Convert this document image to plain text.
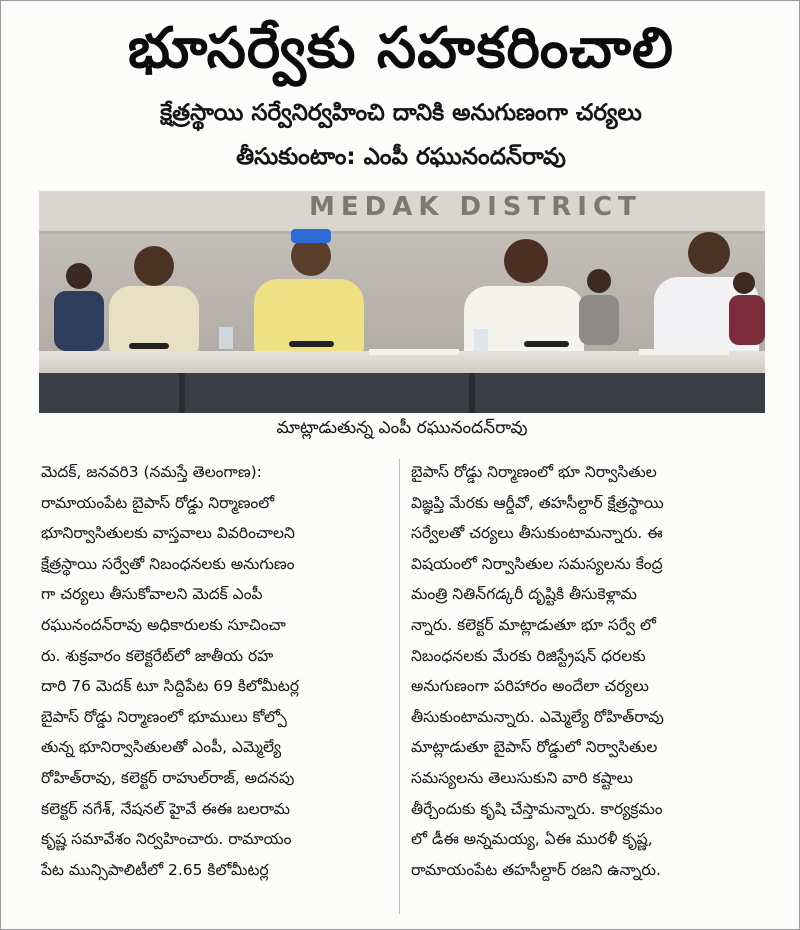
భూసర్వేకు సహకరించాలి
క్షేత్రస్థాయి సర్వేనిర్వహించి దానికి అనుగుణంగా చర్యలు
తీసుకుంటాం: ఎంపీ రఘునందన్‌రావు
MEDAK DISTRICT
మాట్లాడుతున్న ఎంపీ రఘునందన్‌రావు

మెదక్‌, జనవరి3 (నమస్తే తెలంగాణ):

రామాయంపేట బైపాస్‌ రోడ్డు నిర్మాణంలో

భూనిర్వాసితులకు వాస్తవాలు వివరించాలని

క్షేత్రస్థాయి సర్వేతో నిబంధనలకు అనుగుణం

గా చర్యలు తీసుకోవాలని మెదక్‌ ఎంపీ

రఘునందన్‌రావు అధికారులకు సూచించా

రు. శుక్రవారం కలెక్టరేట్‌లో జాతీయ రహ

దారి 76 మెదక్‌ టూ సిద్దిపేట 69 కిలోమీటర్ల

బైపాస్‌ రోడ్డు నిర్మాణంలో భూములు కోల్పో

తున్న భూనిర్వాసితులతో ఎంపీ, ఎమ్మెల్యే

రోహిత్‌రావు, కలెక్టర్‌ రాహుల్‌రాజ్‌, అదనపు

కలెక్టర్‌ నగేశ్‌, నేషనల్‌ హైవే ఈఈ బలరామ

కృష్ణ సమావేశం నిర్వహించారు. రామాయం

పేట మున్సిపాలిటీలో 2.65 కిలోమీటర్ల

బైపాస్‌ రోడ్డు నిర్మాణంలో భూ నిర్వాసితుల

విజ్ఞప్తి మేరకు ఆర్డీవో, తహసీల్దార్‌ క్షేత్రస్థాయి

సర్వేలతో చర్యలు తీసుకుంటామన్నారు. ఈ

విషయంలో నిర్వాసితుల సమస్యలను కేంద్ర

మంత్రి నితిన్‌గడ్కరీ దృష్టికి తీసుకెళ్లామ

న్నారు. కలెక్టర్‌ మాట్లాడుతూ భూ సర్వే లో

నిబంధనలకు మేరకు రిజిస్ట్రేషన్‌ ధరలకు

అనుగుణంగా పరిహారం అందేలా చర్యలు

తీసుకుంటామన్నారు. ఎమ్మెల్యే రోహిత్‌రావు

మాట్లాడుతూ బైపాస్‌ రోడ్డులో నిర్వాసితుల

సమస్యలను తెలుసుకుని వారి కష్టాలు

తీర్చేందుకు కృషి చేస్తామన్నారు. కార్యక్రమం

లో డీఈ అన్నమయ్య, ఏఈ మురళీ కృష్ణ,

రామాయంపేట తహసీల్దార్‌ రజని ఉన్నారు.
